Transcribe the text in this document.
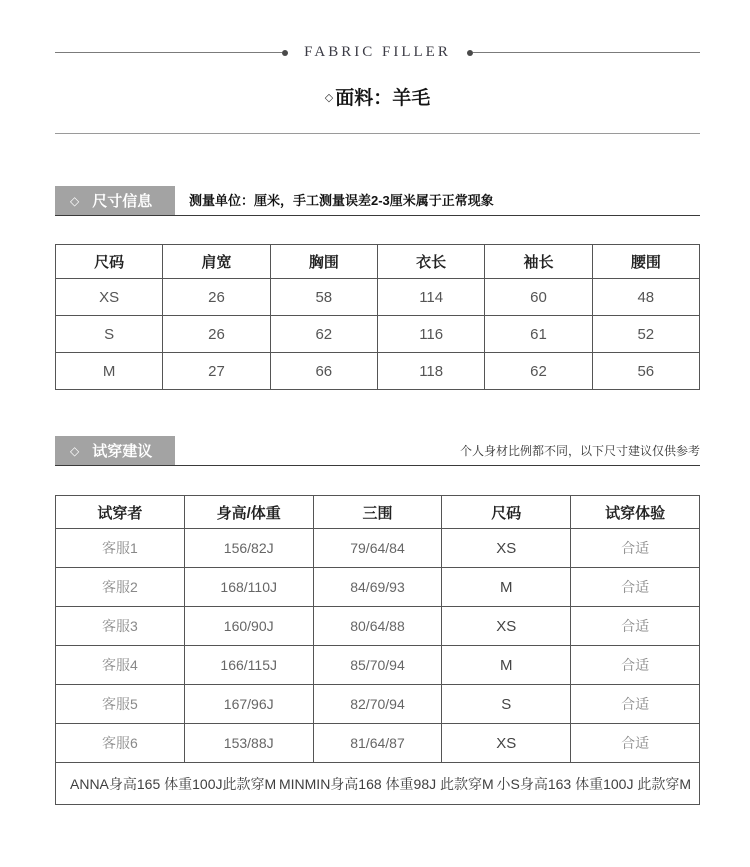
FABRIC FILLER
◇ 面料：羊毛
◇ 尺寸信息	测量单位：厘米，手工测量误差2-3厘米属于正常现象
尺码	肩宽	胸围	衣长	袖长	腰围
XS	26	58	114	60	48
S	26	62	116	61	52
M	27	66	118	62	56
◇ 试穿建议	个人身材比例都不同，以下尺寸建议仅供参考
试穿者	身高/体重	三围	尺码	试穿体验
客服1	156/82J	79/64/84	XS	合适
客服2	168/110J	84/69/93	M	合适
客服3	160/90J	80/64/88	XS	合适
客服4	166/115J	85/70/94	M	合适
客服5	167/96J	82/70/94	S	合适
客服6	153/88J	81/64/87	XS	合适

ANNA身高165 体重100J此款穿M MINMIN身高168 体重98J 此款穿M 小S身高163 体重100J 此款穿M				
